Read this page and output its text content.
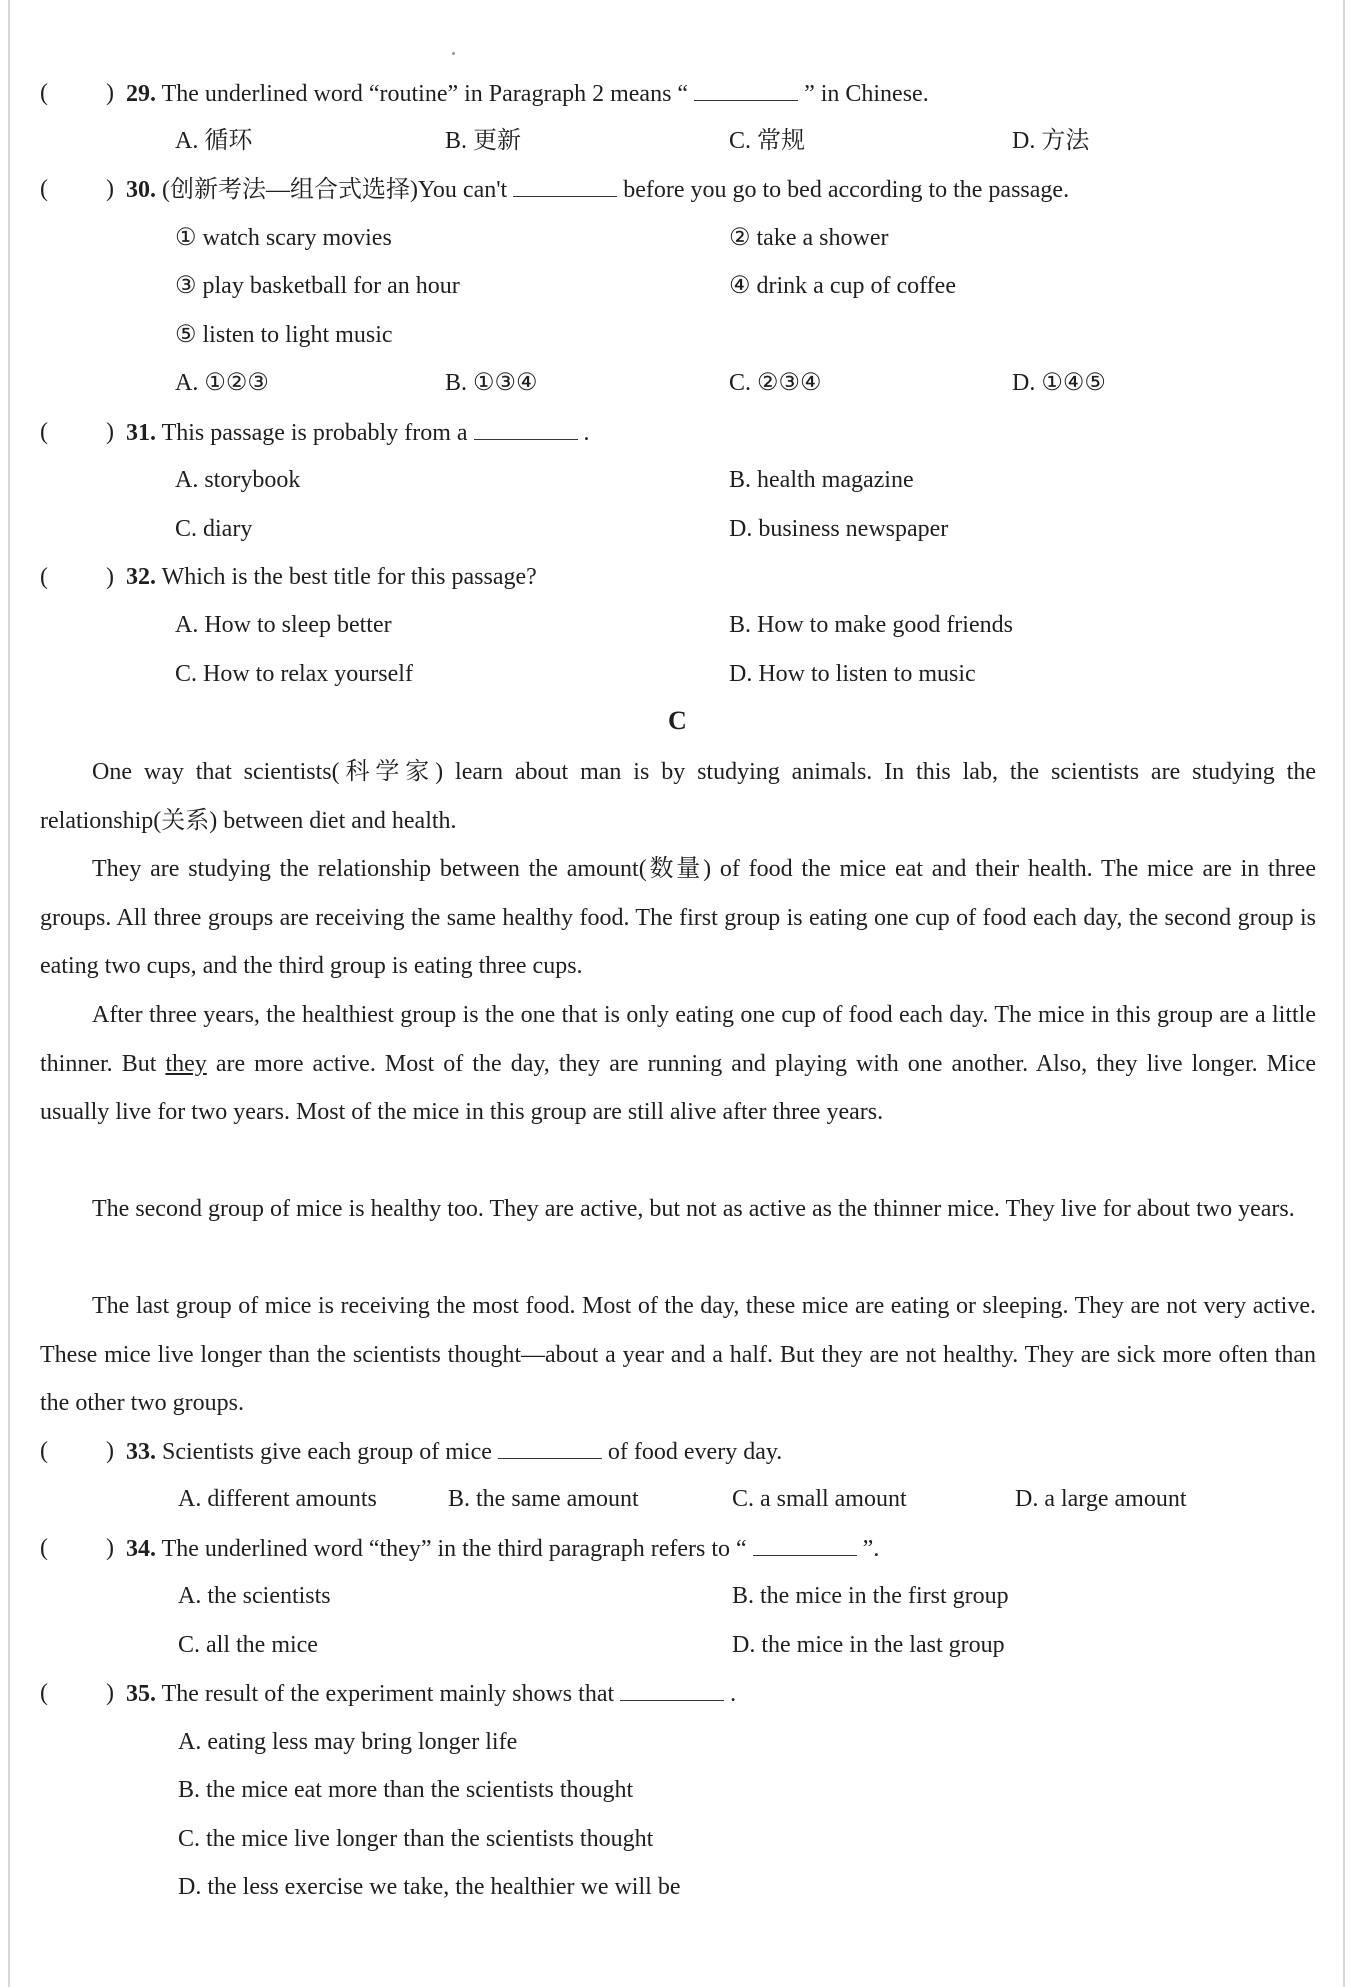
( ) 29. The underlined word “routine” in Paragraph 2 means “	” in Chinese.
A. 循环	B. 更新	C. 常规	D. 方法
( ) 30. (创新考法—组合式选择)You can't	before you go to bed according to the passage.
① watch scary movies	② take a shower
③ play basketball for an hour	④ drink a cup of coffee
⑤ listen to light music
A. ①②③	B. ①③④	C. ②③④	D. ①④⑤
( ) 31. This passage is probably from a	.
A. storybook	B. health magazine
C. diary	D. business newspaper
( ) 32. Which is the best title for this passage?
A. How to sleep better	B. How to make good friends
C. How to relax yourself	D. How to listen to music
C
One way that scientists(科学家) learn about man is by studying animals. In this lab, the scientists are studying the relationship(关系) between diet and health.
They are studying the relationship between the amount(数量) of food the mice eat and their health. The mice are in three groups. All three groups are receiving the same healthy food. The first group is eating one cup of food each day, the second group is eating two cups, and the third group is eating three cups.
After three years, the healthiest group is the one that is only eating one cup of food each day. The mice in this group are a little thinner. But they are more active. Most of the day, they are running and playing with one another. Also, they live longer. Mice usually live for two years. Most of the mice in this group are still alive after three years.
The second group of mice is healthy too. They are active, but not as active as the thinner mice. They live for about two years.
The last group of mice is receiving the most food. Most of the day, these mice are eating or sleeping. They are not very active. These mice live longer than the scientists thought—about a year and a half. But they are not healthy. They are sick more often than the other two groups.
( ) 33. Scientists give each group of mice	of food every day.
A. different amounts	B. the same amount	C. a small amount	D. a large amount
( ) 34. The underlined word “they” in the third paragraph refers to “	”.
A. the scientists	B. the mice in the first group
C. all the mice	D. the mice in the last group
( ) 35. The result of the experiment mainly shows that	.
A. eating less may bring longer life
B. the mice eat more than the scientists thought
C. the mice live longer than the scientists thought
D. the less exercise we take, the healthier we will be
